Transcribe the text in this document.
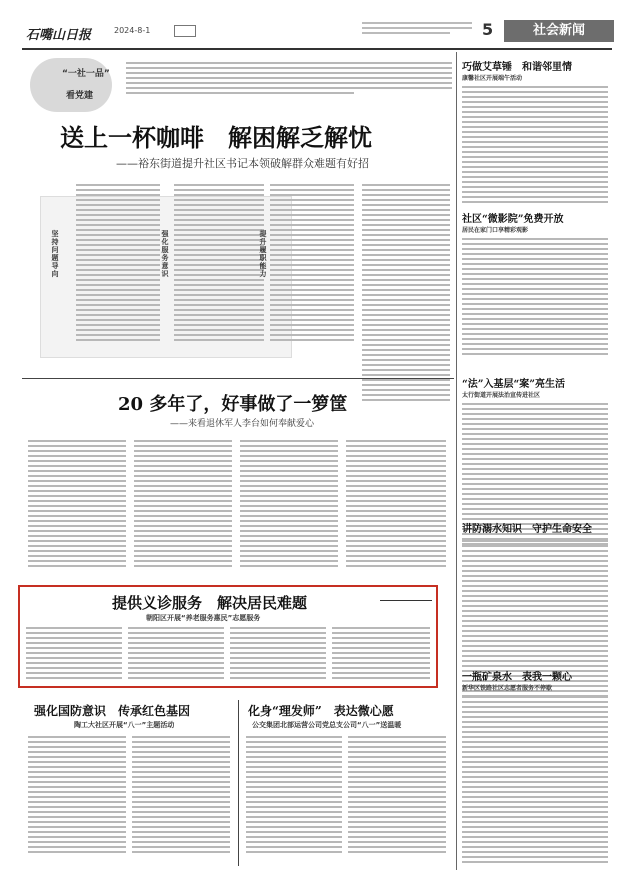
石嘴山日报	2024-8-1	5	社会新闻
“一社一品”
看党建
送上一杯咖啡　解困解乏解忧
——裕东街道提升社区书记本领破解群众难题有好招
坚持问题导向	强化服务意识	提升履职能力
20 多年了，好事做了一箩筐
——来看退休军人李台如何奉献爱心
提供义诊服务　解决居民难题
朝阳区开展“养老服务惠民”志愿服务
强化国防意识　传承红色基因
陶工大社区开展“八一”主题活动
化身“理发师”　表达微心愿
公交集团北部运营公司党总支公司“八一”送温暖
巧做艾草锤　和谐邻里情
康馨社区开展端午活动
社区“微影院”免费开放
居民在家门口享精彩观影
“法”入基层“案”亮生活
太行街道开展法治宣传进社区
讲防溺水知识　守护生命安全
一瓶矿泉水　表我一颗心
新华区铁路社区志愿者服务不停歇
